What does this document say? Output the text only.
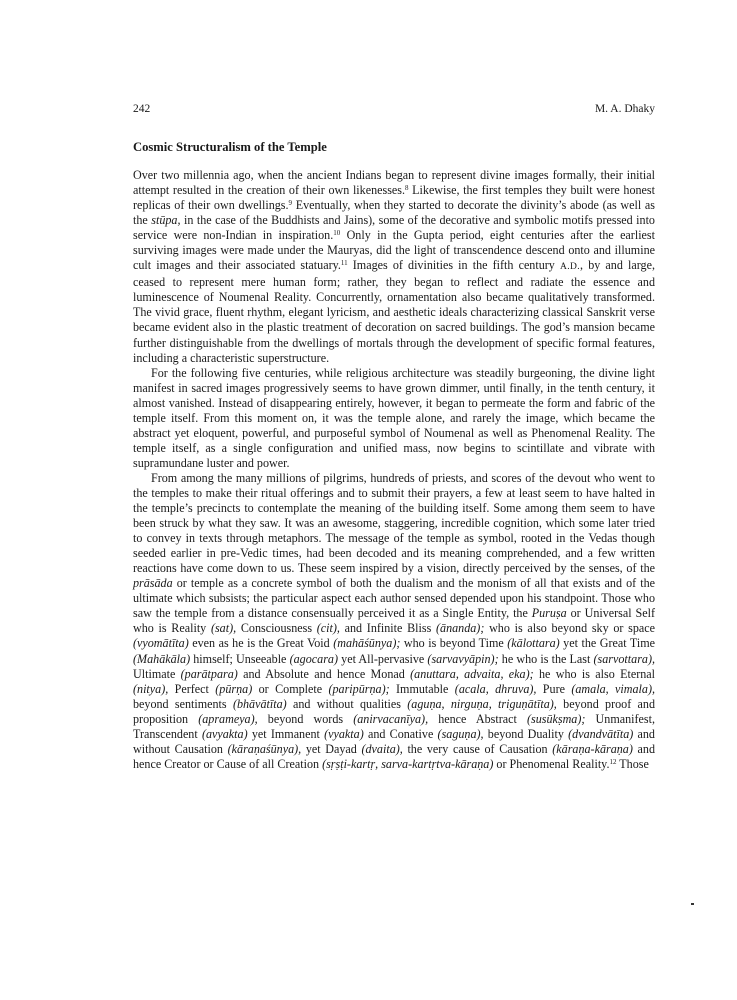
242	M. A. Dhaky
Cosmic Structuralism of the Temple

Over two millennia ago, when the ancient Indians began to represent divine images formally, their initial attempt resulted in the creation of their own likenesses.$^8$ Likewise, the first temples they built were honest replicas of their own dwellings.$^9$ Eventually, when they started to decorate the divinity’s abode (as well as the stūpa, in the case of the Buddhists and Jains), some of the decorative and symbolic motifs pressed into service were non-Indian in inspiration.$^{10}$ Only in the Gupta period, eight centuries after the earliest surviving images were made under the Mauryas, did the light of transcendence descend onto and illumine cult images and their associated statuary.$^{11}$ Images of divinities in the fifth century A.D., by and large, ceased to represent mere human form; rather, they began to reflect and radiate the essence and luminescence of Noumenal Reality. Concurrently, ornamentation also became qualitatively transformed. The vivid grace, fluent rhythm, elegant lyricism, and aesthetic ideals characterizing classical Sanskrit verse became evident also in the plastic treatment of decoration on sacred buildings. The god’s mansion became further distinguishable from the dwellings of mortals through the development of specific formal features, including a characteristic superstructure.

For the following five centuries, while religious architecture was steadily burgeoning, the divine light manifest in sacred images progressively seems to have grown dimmer, until finally, in the tenth century, it almost vanished. Instead of disappearing entirely, however, it began to permeate the form and fabric of the temple itself. From this moment on, it was the temple alone, and rarely the image, which became the abstract yet eloquent, powerful, and purposeful symbol of Noumenal as well as Phenomenal Reality. The temple itself, as a single configuration and unified mass, now begins to scintillate and vibrate with supramundane luster and power.

From among the many millions of pilgrims, hundreds of priests, and scores of the devout who went to the temples to make their ritual offerings and to submit their prayers, a few at least seem to have halted in the temple’s precincts to contemplate the meaning of the building itself. Some among them seem to have been struck by what they saw. It was an awesome, staggering, incredible cognition, which some later tried to convey in texts through metaphors. The message of the temple as symbol, rooted in the Vedas though seeded earlier in pre-Vedic times, had been decoded and its meaning comprehended, and a few written reactions have come down to us. These seem inspired by a vision, directly perceived by the senses, of the prāsāda or temple as a concrete symbol of both the dualism and the monism of all that exists and of the ultimate which subsists; the particular aspect each author sensed depended upon his standpoint. Those who saw the temple from a distance consensually perceived it as a Single Entity, the Puruṣa or Universal Self who is Reality (sat), Consciousness (cit), and Infinite Bliss (ānanda); who is also beyond sky or space (vyomātīta) even as he is the Great Void (mahāśūnya); who is beyond Time (kālottara) yet the Great Time (Mahākāla) himself; Unseeable (agocara) yet All-pervasive (sarvavyāpin); he who is the Last (sarvottara), Ultimate (parātpara) and Absolute and hence Monad (anuttara, advaita, eka); he who is also Eternal (nitya), Perfect (pūrṇa) or Complete (paripūrṇa); Immutable (acala, dhruva), Pure (amala, vimala), beyond sentiments (bhāvātīta) and without qualities (aguṇa, nirguṇa, triguṇātīta), beyond proof and proposition (aprameya), beyond words (anirvacanīya), hence Abstract (susūkṣma); Unmanifest, Transcendent (avyakta) yet Immanent (vyakta) and Conative (saguṇa), beyond Duality (dvandvātīta) and without Causation (kāraṇaśūnya), yet Dayad (dvaita), the very cause of Causation (kāraṇa-kāraṇa) and hence Creator or Cause of all Creation (sṛṣṭi-kartṛ, sarva-kartṛtva-kāraṇa) or Phenomenal Reality.$^{12}$ Those
